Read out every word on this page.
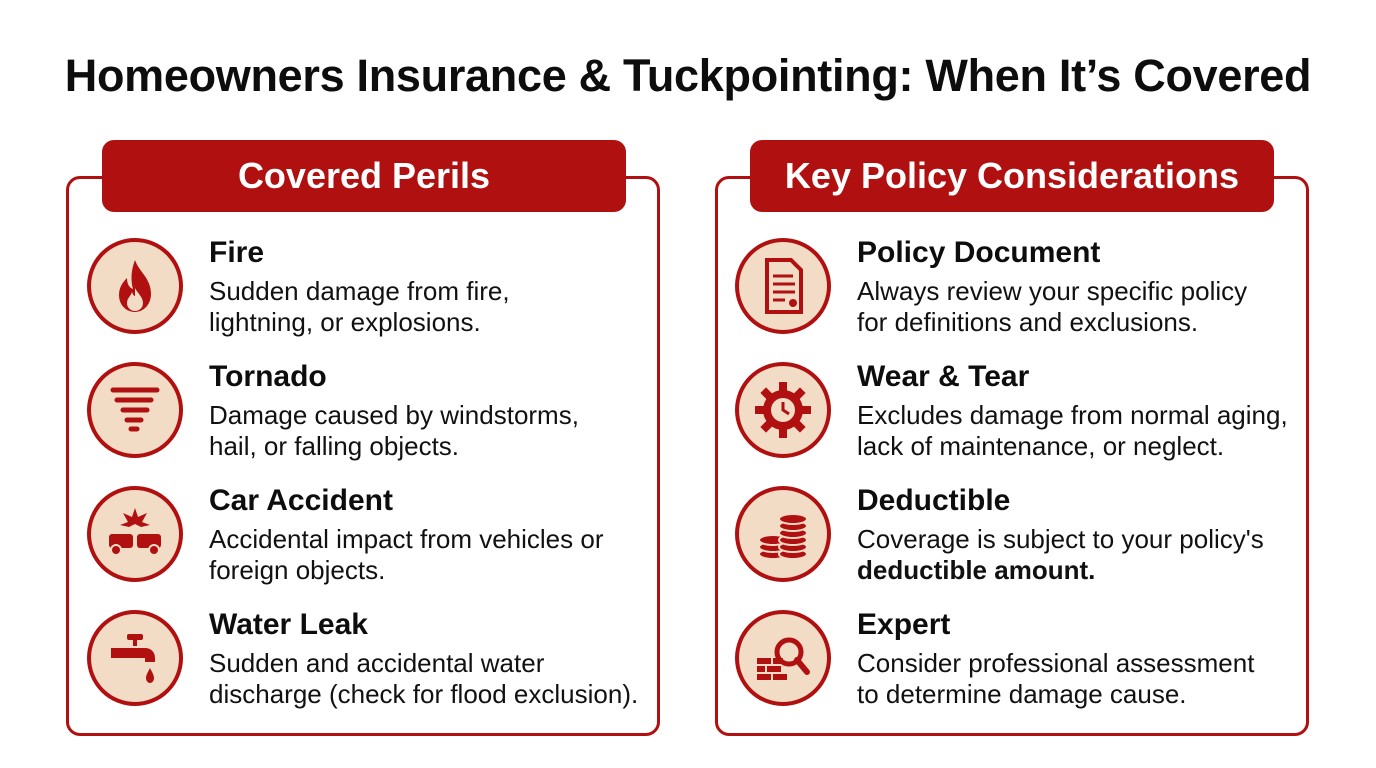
Homeowners Insurance & Tuckpointing: When It’s Covered
Covered Perils
Fire
Sudden damage from fire,
lightning, or explosions.
Tornado
Damage caused by windstorms,
hail, or falling objects.
Car Accident
Accidental impact from vehicles or
foreign objects.
Water Leak
Sudden and accidental water
discharge (check for flood exclusion).
Key Policy Considerations
Policy Document
Always review your specific policy
for definitions and exclusions.
Wear & Tear
Excludes damage from normal aging,
lack of maintenance, or neglect.
Deductible
Coverage is subject to your policy's
deductible amount.
Expert
Consider professional assessment
to determine damage cause.
